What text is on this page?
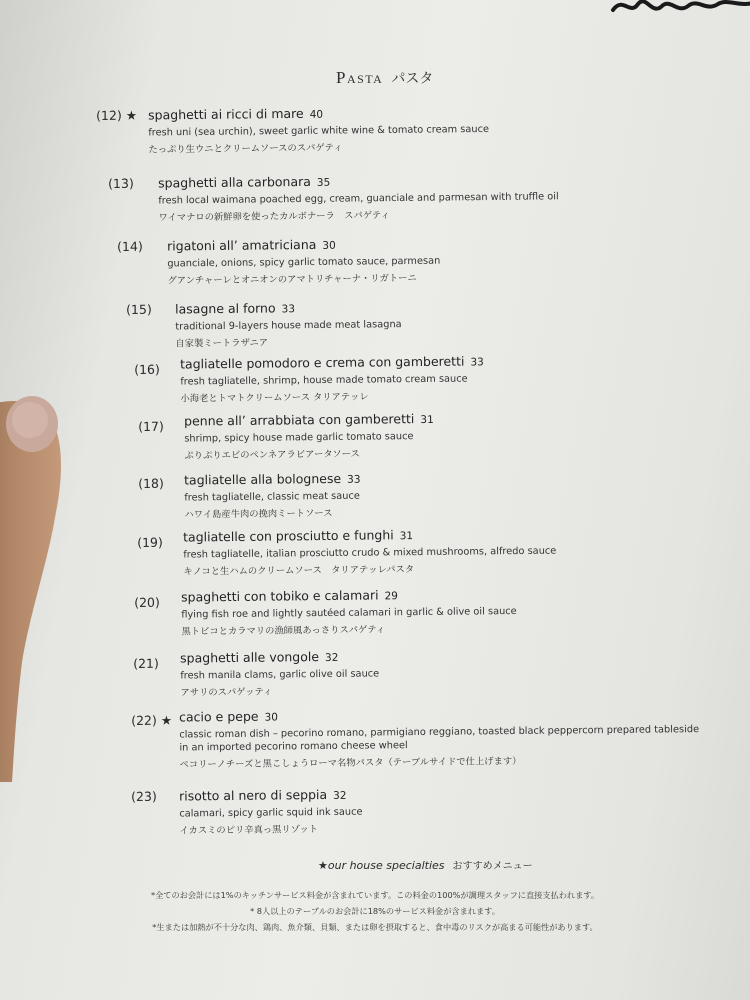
Pasta パスタ
(12) ★ spaghetti ai ricci di mare 40
fresh uni (sea urchin), sweet garlic white wine & tomato cream sauce
たっぷり生ウニとクリームソースのスパゲティ
(13) spaghetti alla carbonara 35
fresh local waimana poached egg, cream, guanciale and parmesan with truffle oil
ワイマナロの新鮮卵を使ったカルボナーラ　スパゲティ
(14) rigatoni all’ amatriciana 30
guanciale, onions, spicy garlic tomato sauce, parmesan
グアンチャーレとオニオンのアマトリチャーナ・リガトーニ
(15) lasagne al forno 33
traditional 9-layers house made meat lasagna
自家製ミートラザニア
(16) tagliatelle pomodoro e crema con gamberetti 33
fresh tagliatelle, shrimp, house made tomato cream sauce
小海老とトマトクリームソース タリアテッレ
(17) penne all’ arrabbiata con gamberetti 31
shrimp, spicy house made garlic tomato sauce
ぷりぷりエビのペンネアラビアータソース
(18) tagliatelle alla bolognese 33
fresh tagliatelle, classic meat sauce
ハワイ島産牛肉の挽肉ミートソース
(19) tagliatelle con prosciutto e funghi 31
fresh tagliatelle, italian prosciutto crudo & mixed mushrooms, alfredo sauce
キノコと生ハムのクリームソース　タリアテッレパスタ
(20) spaghetti con tobiko e calamari 29
flying fish roe and lightly sautéed calamari in garlic & olive oil sauce
黒トビコとカラマリの漁師風あっさりスパゲティ
(21) spaghetti alle vongole 32
fresh manila clams, garlic olive oil sauce
アサリのスパゲッティ
(22) ★ cacio e pepe 30
classic roman dish – pecorino romano, parmigiano reggiano, toasted black peppercorn prepared tableside in an imported pecorino romano cheese wheel
ペコリーノチーズと黒こしょうローマ名物パスタ（テーブルサイドで仕上げます）
(23) risotto al nero di seppia 32
calamari, spicy garlic squid ink sauce
イカスミのピリ辛真っ黒リゾット
★our house specialties おすすめメニュー
*全てのお会計には1%のキッチンサービス料金が含まれています。この料金の100%が調理スタッフに直接支払われます。
* 8人以上のテーブルのお会計に18%のサービス料金が含まれます。
*生または加熱が不十分な肉、鶏肉、魚介類、貝類、または卵を摂取すると、食中毒のリスクが高まる可能性があります。
